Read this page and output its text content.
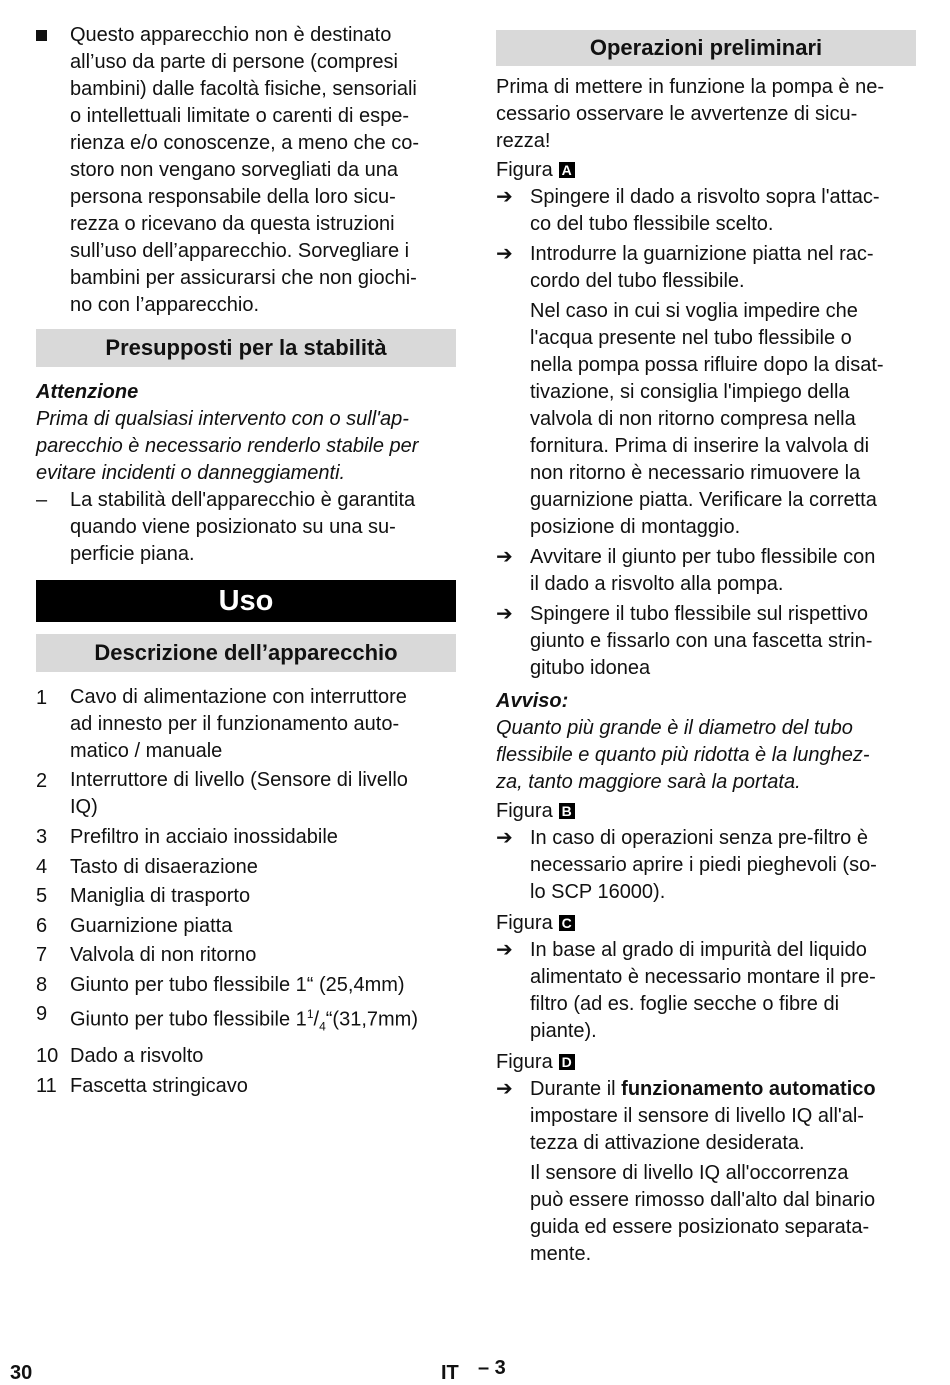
Questo apparecchio non è destinato
all’uso da parte di persone (compresi
bambini) dalle facoltà fisiche, sensoriali
o intellettuali limitate o carenti di espe-
rienza e/o conoscenze, a meno che co-
storo non vengano sorvegliati da una
persona responsabile della loro sicu-
rezza o ricevano da questa istruzioni
sull’uso dell’apparecchio. Sorvegliare i
bambini per assicurarsi che non giochi-
no con l’apparecchio.
Presupposti per la stabilità
Attenzione
Prima di qualsiasi intervento con o sull'ap-
parecchio è necessario renderlo stabile per
evitare incidenti o danneggiamenti.
–	La stabilità dell'apparecchio è garantita
quando viene posizionato su una su-
perficie piana.
Uso
Descrizione dell’apparecchio
1	Cavo di alimentazione con interruttore
ad innesto per il funzionamento auto-
matico / manuale
2	Interruttore di livello (Sensore di livello
IQ)
3	Prefiltro in acciaio inossidabile
4	Tasto di disaerazione
5	Maniglia di trasporto
6	Guarnizione piatta
7	Valvola di non ritorno
8	Giunto per tubo flessibile 1“ (25,4mm)
9	Giunto per tubo flessibile $1^1/_4“(31,7mm)$
10 Dado a risvolto
11 Fascetta stringicavo
Operazioni preliminari
Prima di mettere in funzione la pompa è ne-
cessario osservare le avvertenze di sicu-
rezza!
Figura A
➔ Spingere il dado a risvolto sopra l'attac-
co del tubo flessibile scelto.
➔ Introdurre la guarnizione piatta nel rac-
cordo del tubo flessibile.
Nel caso in cui si voglia impedire che
l'acqua presente nel tubo flessibile o
nella pompa possa rifluire dopo la disat-
tivazione, si consiglia l'impiego della
valvola di non ritorno compresa nella
fornitura. Prima di inserire la valvola di
non ritorno è necessario rimuovere la
guarnizione piatta. Verificare la corretta
posizione di montaggio.
➔ Avvitare il giunto per tubo flessibile con
il dado a risvolto alla pompa.
➔ Spingere il tubo flessibile sul rispettivo
giunto e fissarlo con una fascetta strin-
gitubo idonea
Avviso:
Quanto più grande è il diametro del tubo
flessibile e quanto più ridotta è la lunghez-
za, tanto maggiore sarà la portata.
Figura B
➔ In caso di operazioni senza pre-filtro è
necessario aprire i piedi pieghevoli (so-
lo SCP 16000).
Figura C
➔ In base al grado di impurità del liquido
alimentato è necessario montare il pre-
filtro (ad es. foglie secche o fibre di
piante).
Figura D
➔ Durante il funzionamento automatico
impostare il sensore di livello IQ all'al-
tezza di attivazione desiderata.
Il sensore di livello IQ all'occorrenza
può essere rimosso dall'alto dal binario
guida ed essere posizionato separata-
mente.
30	IT – 3
